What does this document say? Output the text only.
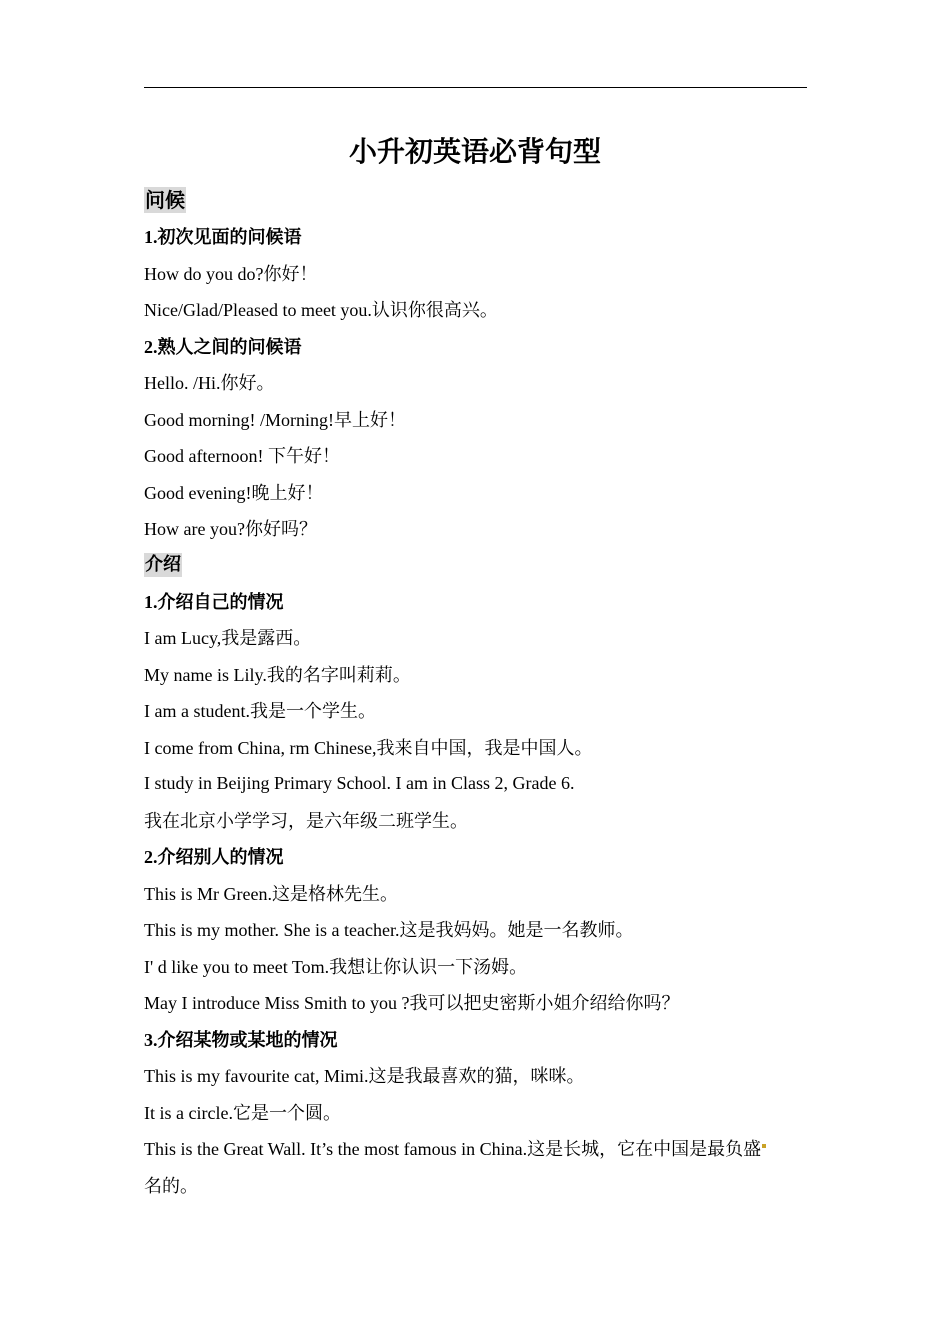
小升初英语必背句型
问候
1.初次见面的问候语
How do you do?你好！
Nice/Glad/Pleased to meet you.认识你很高兴。
2.熟人之间的问候语
Hello. /Hi.你好。
Good morning! /Morning!早上好！
Good afternoon! 下午好！
Good evening!晚上好！
How are you?你好吗？
介绍
1.介绍自己的情况
I am Lucy,我是露西。
My name is Lily.我的名字叫莉莉。
I am a student.我是一个学生。
I come from China, rm Chinese,我来自中国，我是中国人。
I study in Beijing Primary School. I am in Class 2, Grade 6.
我在北京小学学习，是六年级二班学生。
2.介绍别人的情况
This is Mr Green.这是格林先生。
This is my mother. She is a teacher.这是我妈妈。她是一名教师。
I' d like you to meet Tom.我想让你认识一下汤姆。
May I introduce Miss Smith to you ?我可以把史密斯小姐介绍给你吗？
3.介绍某物或某地的情况
This is my favourite cat, Mimi.这是我最喜欢的猫，咪咪。
It is a circle.它是一个圆。
This is the Great Wall. It’s the most famous in China.这是长城，它在中国是最负盛
名的。
